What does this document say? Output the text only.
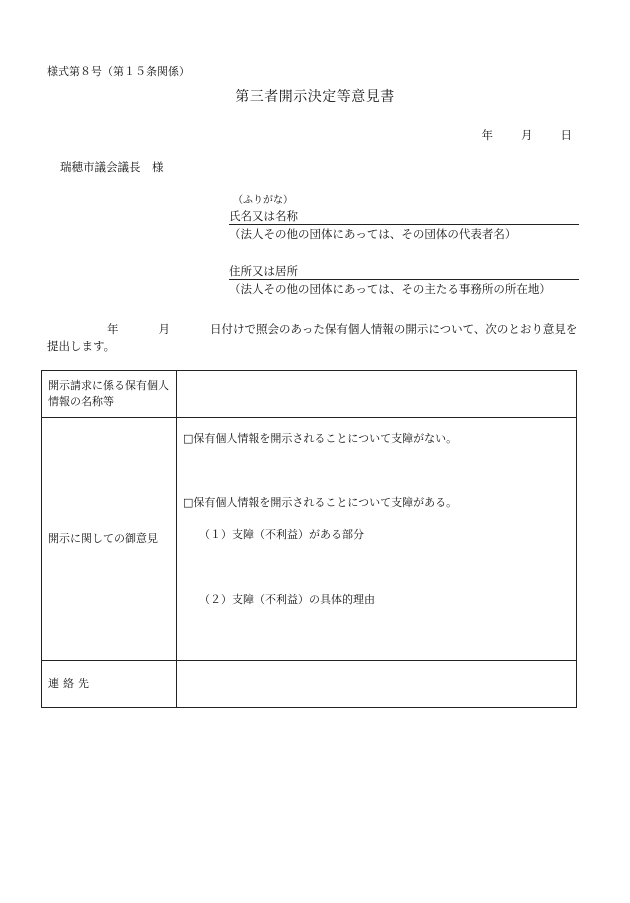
様式第８号（第１５条関係）
第三者開示決定等意見書
年 月 日
瑞穂市議会議長　様
（ふりがな）
氏名又は名称
（法人その他の団体にあっては、その団体の代表者名）
住所又は居所
（法人その他の団体にあっては、その主たる事務所の所在地）
年	月	日付けで照会のあった保有個人情報の開示について、次のとおり意見を提出します。
開示請求に係る保有個人情報の名称等	
開示に関しての御意見	□保有個人情報を開示されることについて支障がない。
□保有個人情報を開示されることについて支障がある。
（１）支障（不利益）がある部分
（２）支障（不利益）の具体的理由

連絡先	
